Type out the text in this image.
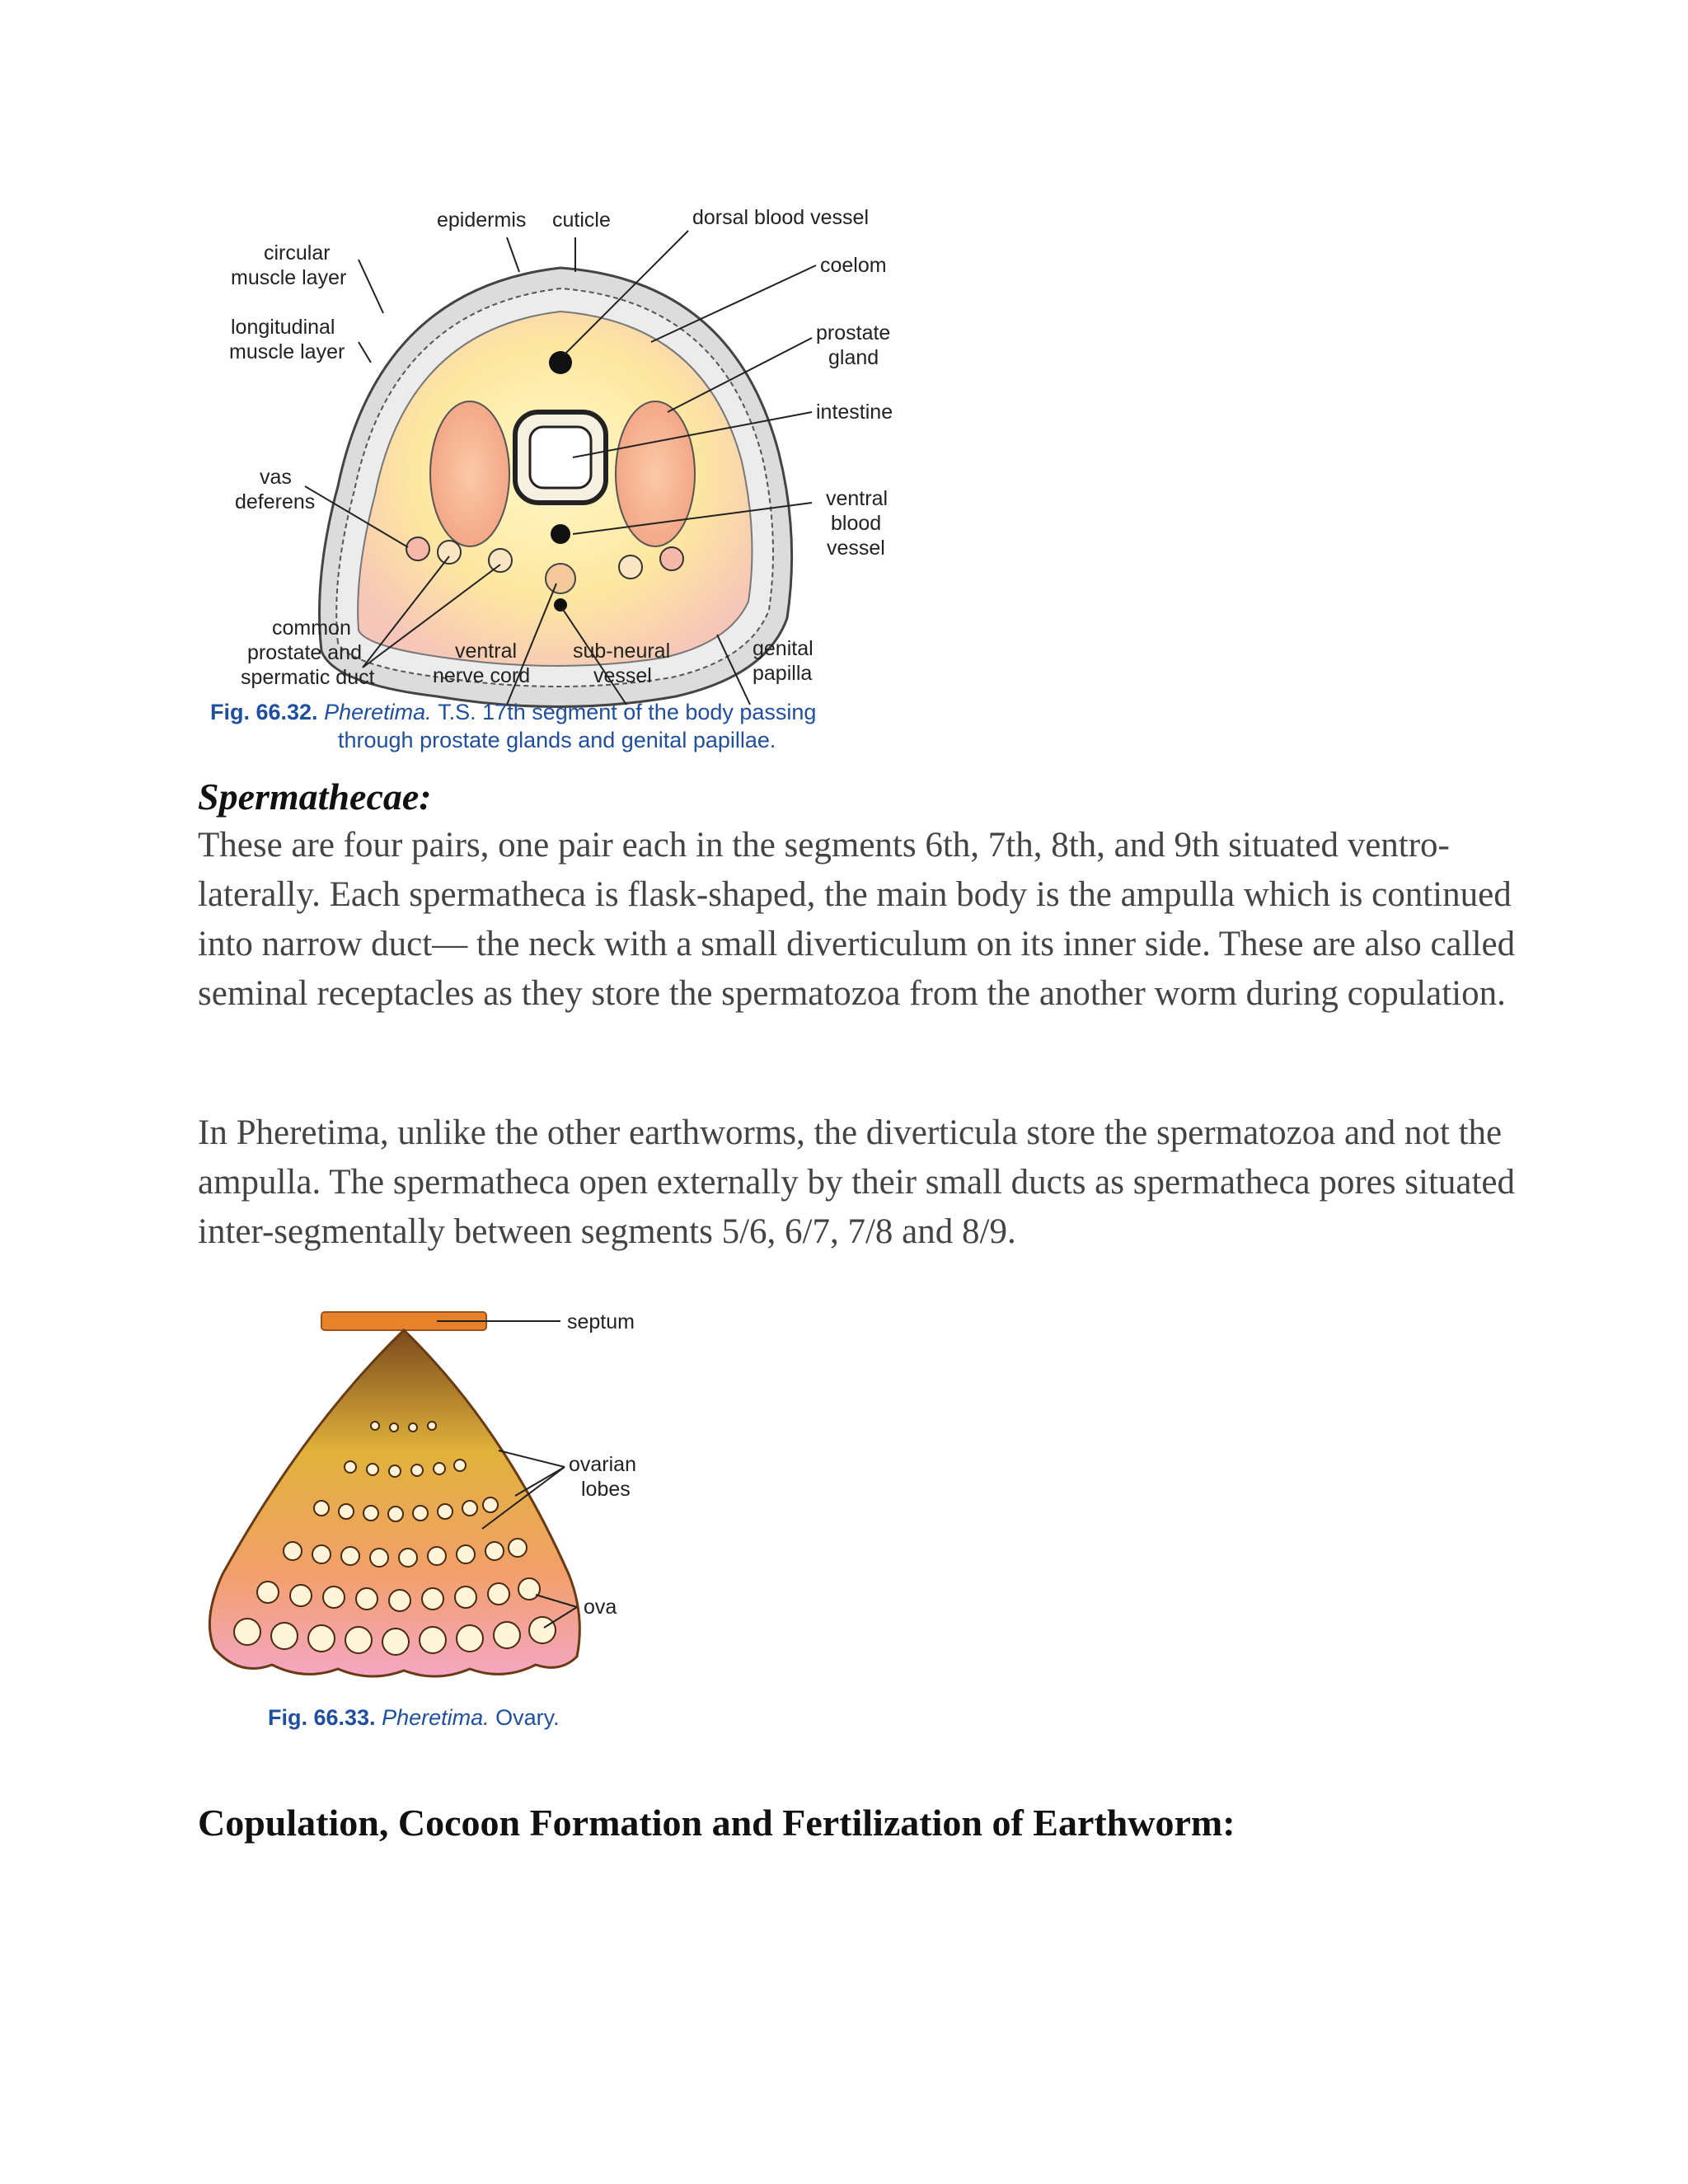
epidermis cuticle	dorsal blood vessel
circular
muscle layer
coelom
longitudinal
muscle layer
prostate
gland
intestine
vas
deferens	ventral
blood
vessel
common
prostate and
spermatic duct
ventral
nerve cord
sub-neural
vessel
genital
papilla
Fig. 66.32. Pheretima. T.S. 17th segment of the body passing
through prostate glands and genital papillae.
Spermathecae:

These are four pairs, one pair each in the segments 6th, 7th, 8th, and 9th situated ventro-laterally. Each spermatheca is flask-shaped, the main body is the ampulla which is continued into narrow duct— the neck with a small diverticulum on its inner side. These are also called seminal receptacles as they store the spermatozoa from the another worm during copulation.

In Pheretima, unlike the other earthworms, the diverticula store the spermatozoa and not the ampulla. The spermatheca open externally by their small ducts as spermatheca pores situated inter-segmentally between segments 5/6, 6/7, 7/8 and 8/9.

septum
ovarian
lobes
ova
Fig. 66.33. Pheretima. Ovary.
Copulation, Cocoon Formation and Fertilization of Earthworm:
